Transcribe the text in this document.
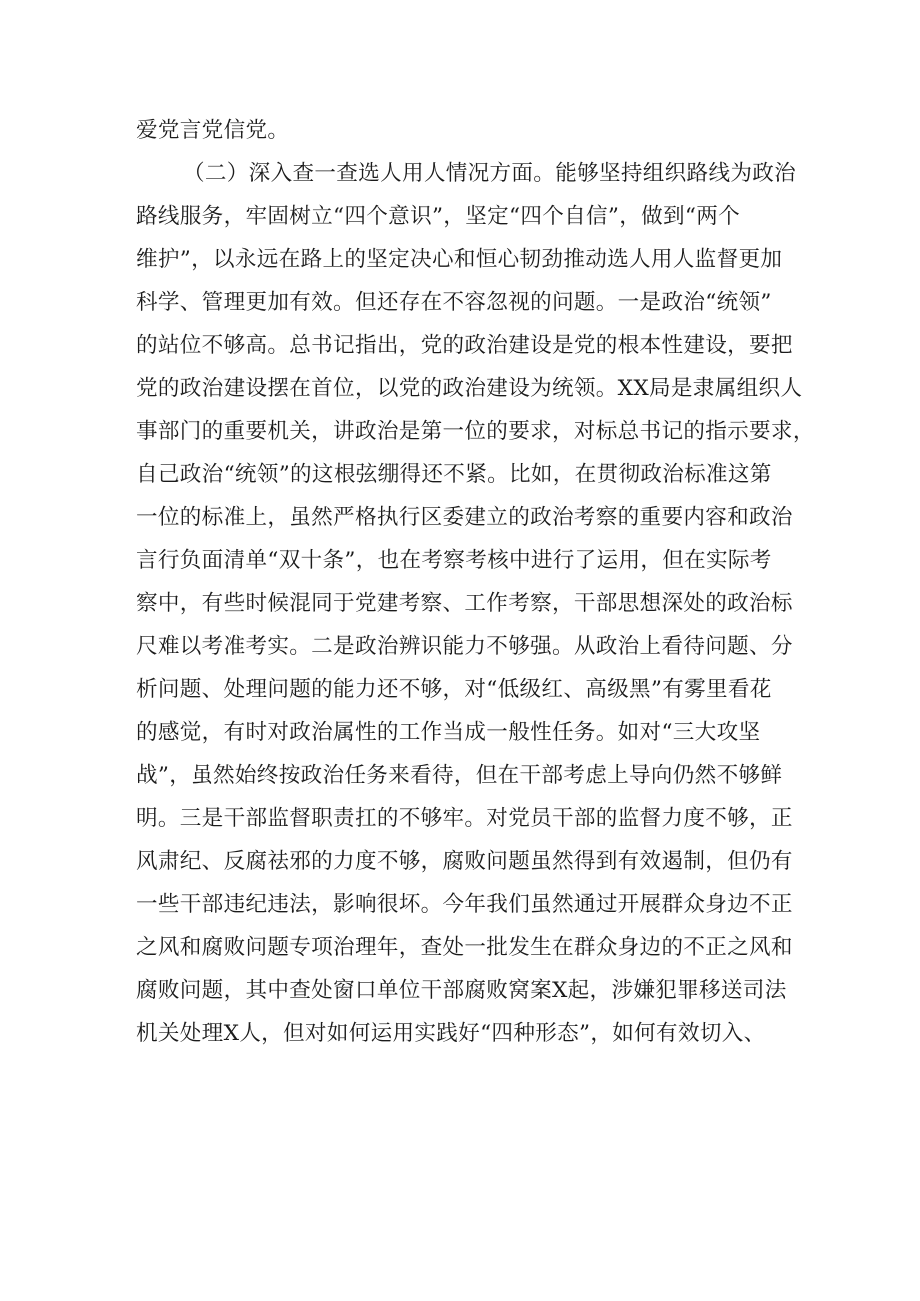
爱党言党信党。
（二）深入查一查选人用人情况方面。能够坚持组织路线为政治
路线服务，牢固树立“四个意识”，坚定“四个自信”，做到“两个
维护”，以永远在路上的坚定决心和恒心韧劲推动选人用人监督更加
科学、管理更加有效。但还存在不容忽视的问题。一是政治“统领”
的站位不够高。总书记指出，党的政治建设是党的根本性建设，要把
党的政治建设摆在首位，以党的政治建设为统领。XX局是隶属组织人
事部门的重要机关，讲政治是第一位的要求，对标总书记的指示要求，
自己政治“统领”的这根弦绷得还不紧。比如，在贯彻政治标准这第
一位的标准上，虽然严格执行区委建立的政治考察的重要内容和政治
言行负面清单“双十条”，也在考察考核中进行了运用，但在实际考
察中，有些时候混同于党建考察、工作考察，干部思想深处的政治标
尺难以考准考实。二是政治辨识能力不够强。从政治上看待问题、分
析问题、处理问题的能力还不够，对“低级红、高级黑”有雾里看花
的感觉，有时对政治属性的工作当成一般性任务。如对“三大攻坚
战”，虽然始终按政治任务来看待，但在干部考虑上导向仍然不够鲜
明。三是干部监督职责扛的不够牢。对党员干部的监督力度不够，正
风肃纪、反腐祛邪的力度不够，腐败问题虽然得到有效遏制，但仍有
一些干部违纪违法，影响很坏。今年我们虽然通过开展群众身边不正
之风和腐败问题专项治理年，查处一批发生在群众身边的不正之风和
腐败问题，其中查处窗口单位干部腐败窝案X起，涉嫌犯罪移送司法
机关处理X人，但对如何运用实践好“四种形态”，如何有效切入、
